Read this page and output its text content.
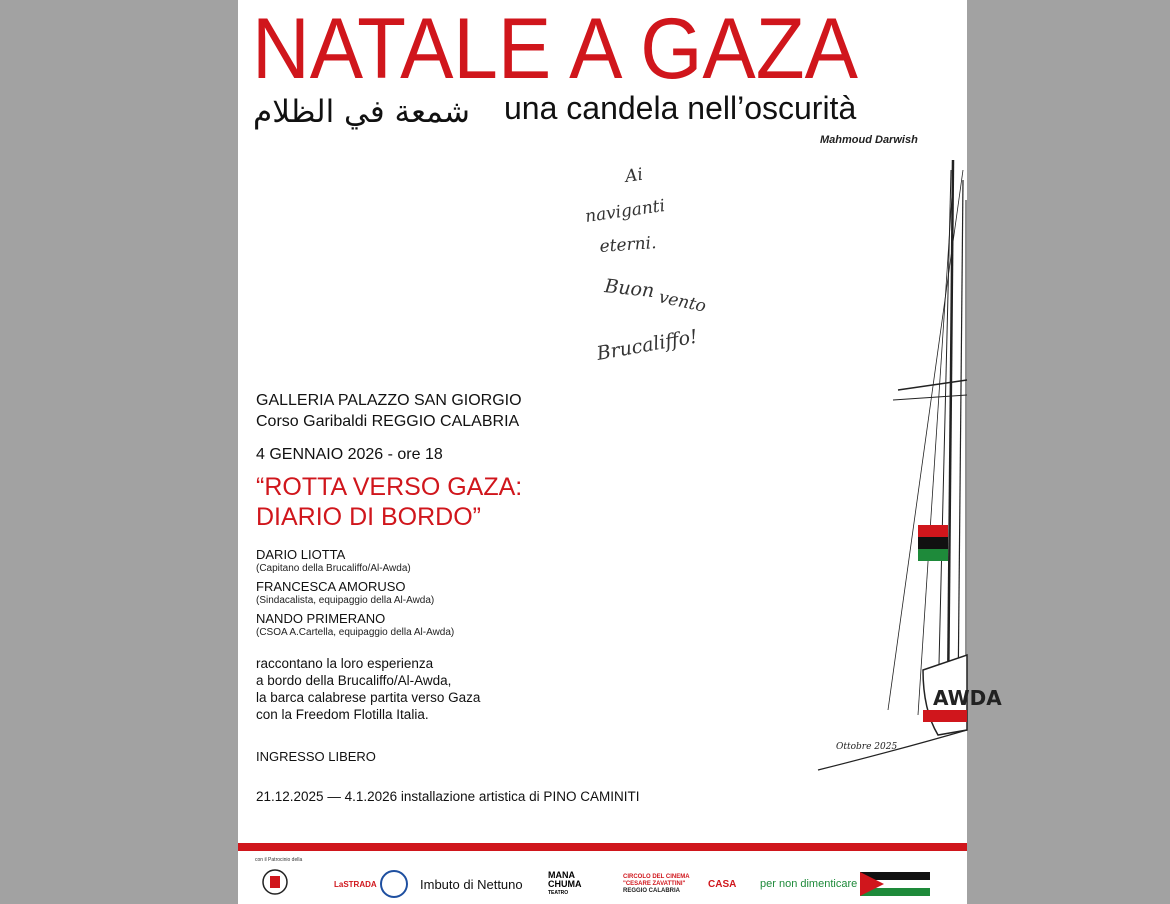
NATALE A GAZA
شمعة في الظلام una candela nell’oscurità
Mahmoud Darwish
Ai
naviganti
eterni.
Buon vento
Brucaliffo!
AWDA
GALLERIA PALAZZO SAN GIORGIO
Corso Garibaldi REGGIO CALABRIA
4 GENNAIO 2026 - ore 18
“ROTTA VERSO GAZA:
DIARIO DI BORDO”
DARIO LIOTTA
(Capitano della Brucaliffo/Al-Awda)
FRANCESCA AMORUSO
(Sindacalista, equipaggio della Al-Awda)
NANDO PRIMERANO
(CSOA A.Cartella, equipaggio della Al-Awda)
raccontano la loro esperienza
a bordo della Brucaliffo/Al-Awda,
la barca calabrese partita verso Gaza
con la Freedom Flotilla Italia.
INGRESSO LIBERO
21.12.2025 — 4.1.2026 installazione artistica di PINO CAMINITI
Ottobre 2025
con il Patrocinio della
LaSTRADA	Imbuto di Nettuno
MANA
CHUMA
TEATRO
CIRCOLO DEL CINEMA
"CESARE ZAVATTINI"
REGGIO CALABRIA
CASA per non dimenticare
